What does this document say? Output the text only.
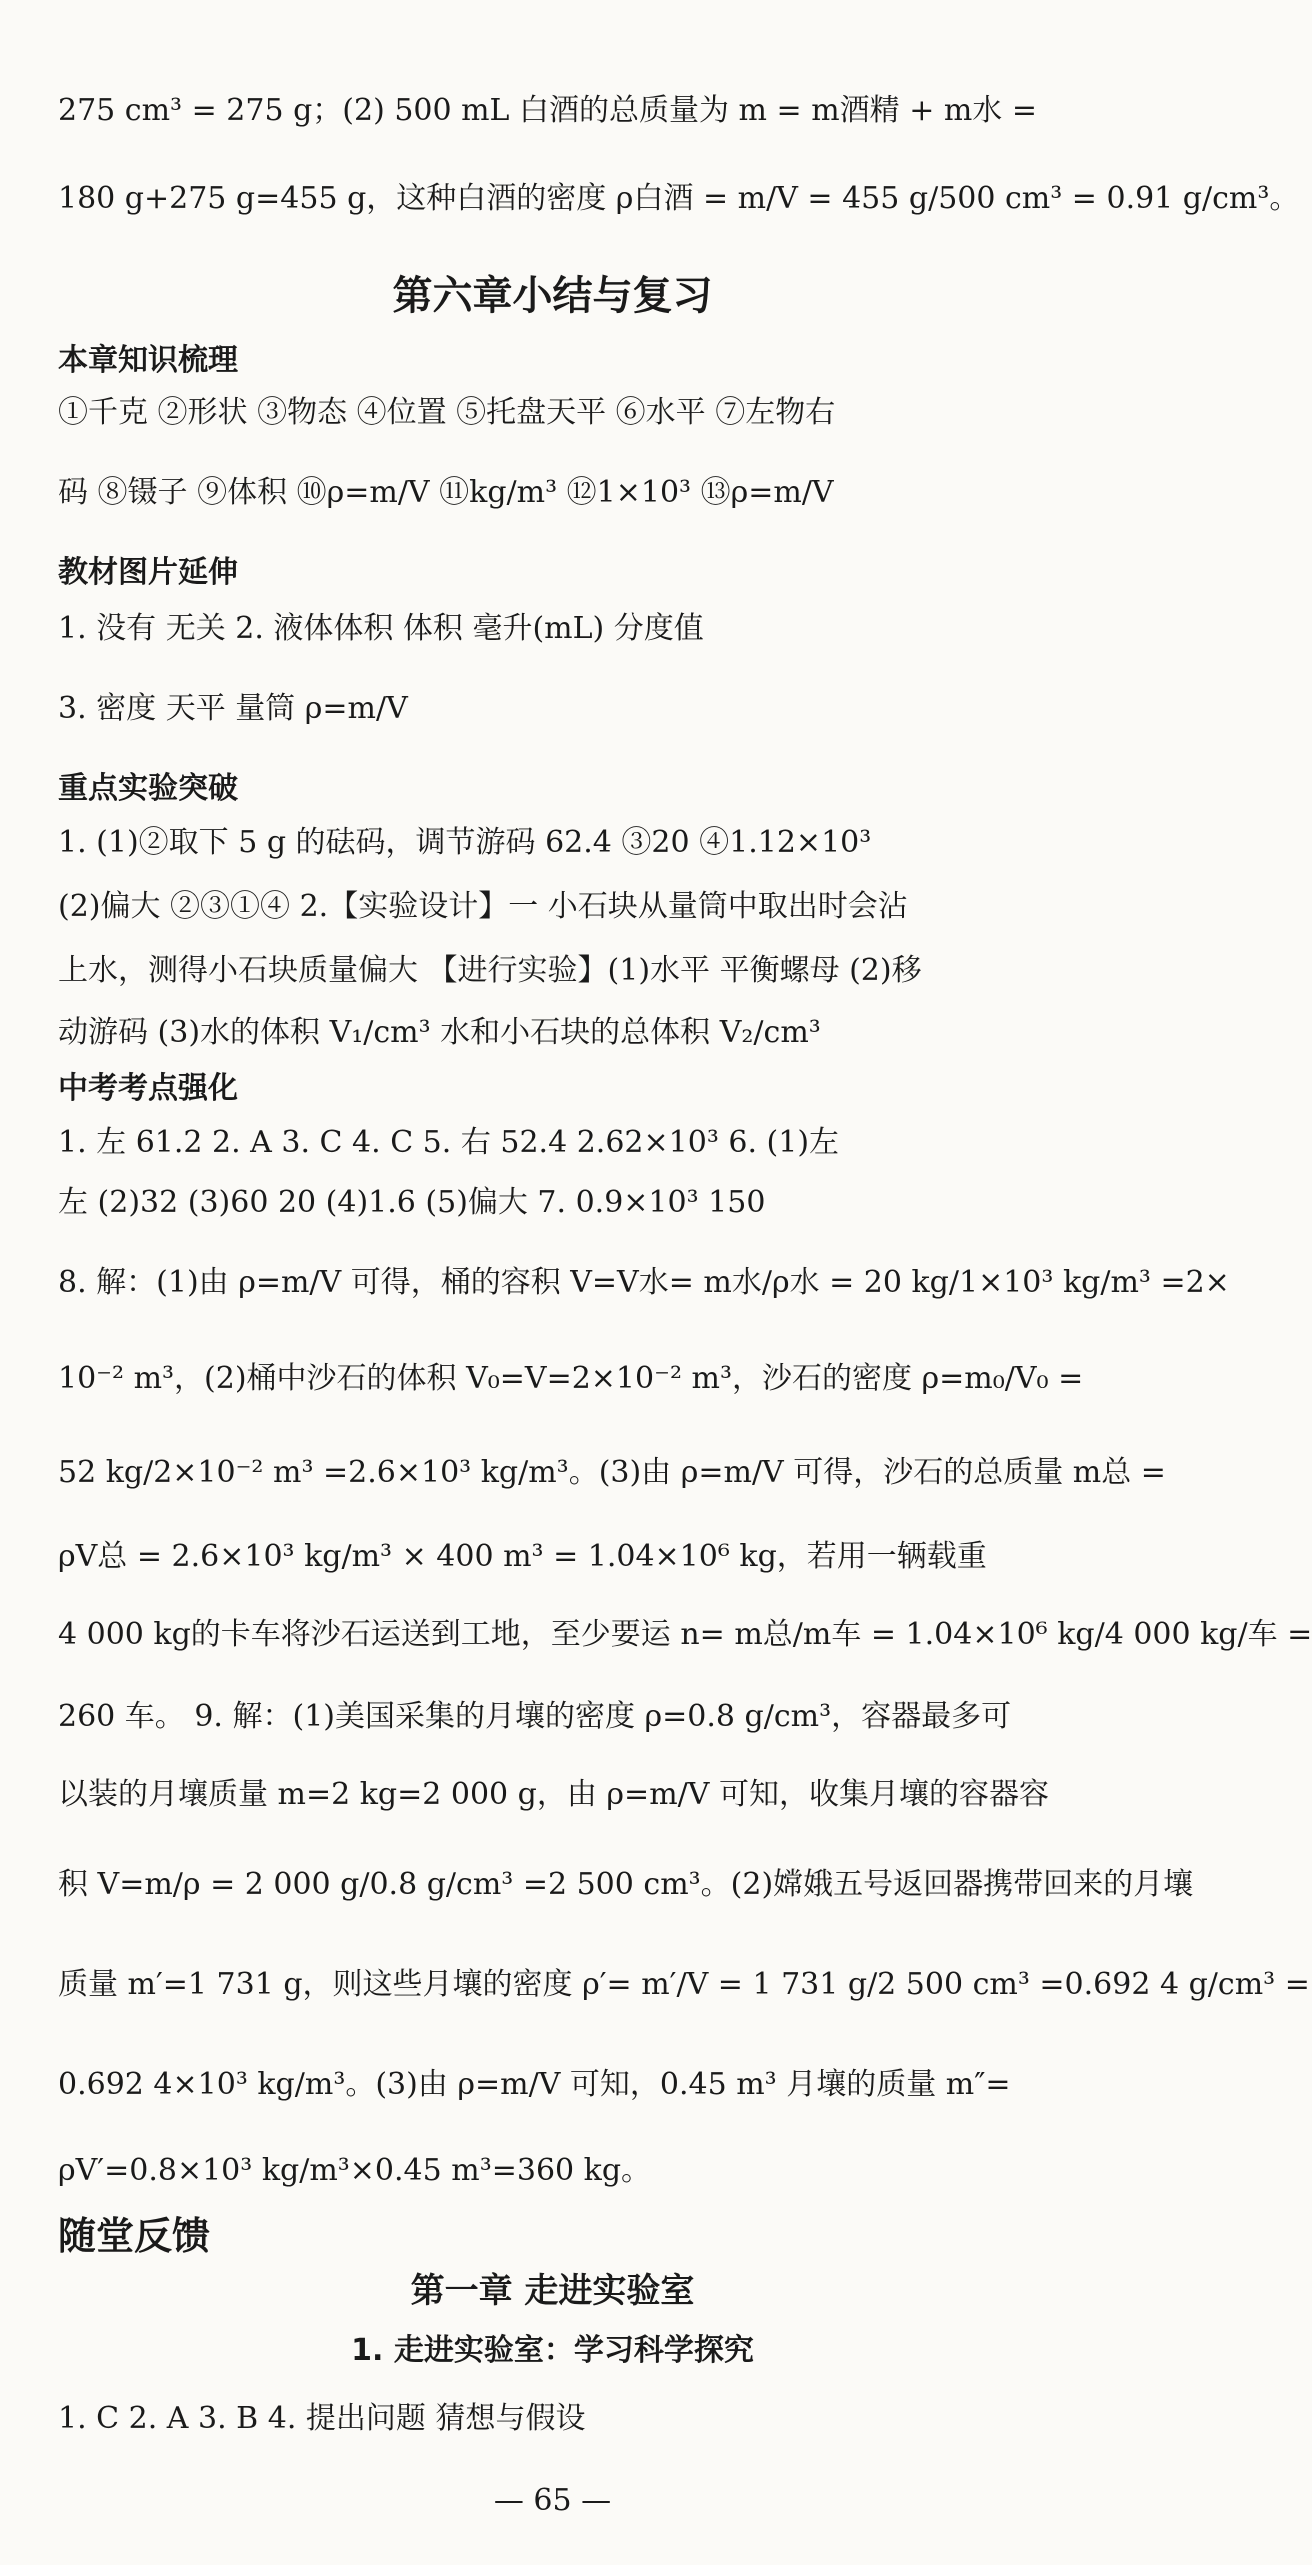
275 cm³ = 275 g；(2) 500 mL 白酒的总质量为 m = m酒精 + m水 =
180 g+275 g=455 g，这种白酒的密度 ρ白酒 = m/V = 455 g/500 cm³ = 0.91 g/cm³。
第六章小结与复习
本章知识梳理
①千克 ②形状 ③物态 ④位置 ⑤托盘天平 ⑥水平 ⑦左物右
码 ⑧镊子 ⑨体积 ⑩ρ=m/V ⑪kg/m³ ⑫1×10³ ⑬ρ=m/V
教材图片延伸
1. 没有 无关 2. 液体体积 体积 毫升(mL) 分度值
3. 密度 天平 量筒 ρ=m/V
重点实验突破
1. (1)②取下 5 g 的砝码，调节游码 62.4 ③20 ④1.12×10³
(2)偏大 ②③①④ 2.【实验设计】一 小石块从量筒中取出时会沾
上水，测得小石块质量偏大 【进行实验】(1)水平 平衡螺母 (2)移
动游码 (3)水的体积 V₁/cm³ 水和小石块的总体积 V₂/cm³
中考考点强化
1. 左 61.2 2. A 3. C 4. C 5. 右 52.4 2.62×10³ 6. (1)左
左 (2)32 (3)60 20 (4)1.6 (5)偏大 7. 0.9×10³ 150
8. 解：(1)由 ρ=m/V 可得，桶的容积 V=V水= m水/ρ水 = 20 kg/1×10³ kg/m³ =2×
10⁻² m³，(2)桶中沙石的体积 V₀=V=2×10⁻² m³，沙石的密度 ρ=m₀/V₀ =
52 kg/2×10⁻² m³ =2.6×10³ kg/m³。(3)由 ρ=m/V 可得，沙石的总质量 m总 =
ρV总 = 2.6×10³ kg/m³ × 400 m³ = 1.04×10⁶ kg，若用一辆载重
4 000 kg的卡车将沙石运送到工地，至少要运 n= m总/m车 = 1.04×10⁶ kg/4 000 kg/车 =
260 车。 9. 解：(1)美国采集的月壤的密度 ρ=0.8 g/cm³，容器最多可
以装的月壤质量 m=2 kg=2 000 g，由 ρ=m/V 可知，收集月壤的容器容
积 V=m/ρ = 2 000 g/0.8 g/cm³ =2 500 cm³。(2)嫦娥五号返回器携带回来的月壤
质量 m′=1 731 g，则这些月壤的密度 ρ′= m′/V = 1 731 g/2 500 cm³ =0.692 4 g/cm³ =
0.692 4×10³ kg/m³。(3)由 ρ=m/V 可知，0.45 m³ 月壤的质量 m″=
ρV′=0.8×10³ kg/m³×0.45 m³=360 kg。
随堂反馈
第一章 走进实验室
1. 走进实验室：学习科学探究
1. C 2. A 3. B 4. 提出问题 猜想与假设
— 65 —
